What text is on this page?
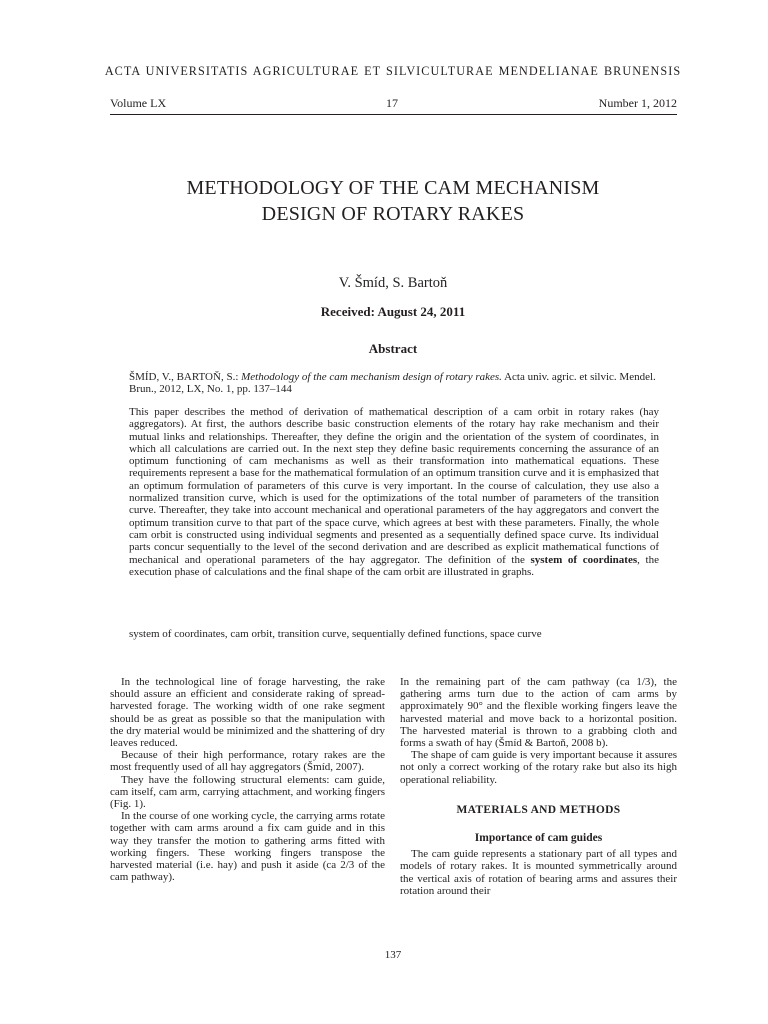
ACTA UNIVERSITATIS AGRICULTURAE ET SILVICULTURAE MENDELIANAE BRUNENSIS
Volume LX	17	Number 1, 2012
METHODOLOGY OF THE CAM MECHANISM
DESIGN OF ROTARY RAKES
V. Šmíd, S. Bartoň
Received: August 24, 2011
Abstract
ŠMÍD, V., BARTOŇ, S.: Methodology of the cam mechanism design of rotary rakes. Acta univ. agric. et silvic. Mendel. Brun., 2012, LX, No. 1, pp. 137–144
This paper describes the method of derivation of mathematical description of a cam orbit in rotary rakes (hay aggregators). At first, the authors describe basic construction elements of the rotary hay rake mechanism and their mutual links and relationships. Thereafter, they define the origin and the orientation of the system of coordinates, in which all calculations are carried out. In the next step they define basic requirements concerning the assurance of an optimum functioning of cam mechanisms as well as their transformation into mathematical equations. These requirements represent a base for the mathematical formulation of an optimum transition curve and it is emphasized that an optimum formulation of parameters of this curve is very important. In the course of calculation, they use also a normalized transition curve, which is used for the optimizations of the total number of parameters of the transition curve. Thereafter, they take into account mechanical and operational parameters of the hay aggregators and convert the optimum transition curve to that part of the space curve, which agrees at best with these parameters. Finally, the whole cam orbit is constructed using individual segments and presented as a sequentially defined space curve. Its individual parts concur sequentially to the level of the second derivation and are described as explicit mathematical functions of mechanical and operational parameters of the hay aggregator. The definition of the system of coordinates, the execution phase of calculations and the final shape of the cam orbit are illustrated in graphs.
system of coordinates, cam orbit, transition curve, sequentially defined functions, space curve

In the technological line of forage harvesting, the rake should assure an efficient and considerate raking of spread-harvested forage. The working width of one rake segment should be as great as possible so that the manipulation with the dry material would be minimized and the shattering of dry leaves reduced.

Because of their high performance, rotary rakes are the most frequently used of all hay aggregators (Šmíd, 2007).

They have the following structural elements: cam guide, cam itself, cam arm, carrying attachment, and working fingers (Fig. 1).

In the course of one working cycle, the carrying arms rotate together with cam arms around a fix cam guide and in this way they transfer the motion to gathering arms fitted with working fingers. These working fingers transpose the harvested material (i.e. hay) and push it aside (ca 2/3 of the cam pathway).

In the remaining part of the cam pathway (ca 1/3), the gathering arms turn due to the action of cam arms by approximately 90° and the flexible working fingers leave the harvested material and move back to a horizontal position. The harvested material is thrown to a grabbing cloth and forms a swath of hay (Šmíd & Bartoň, 2008 b).

The shape of cam guide is very important because it assures not only a correct working of the rotary rake but also its high operational reliability.

MATERIALS AND METHODS
Importance of cam guides

The cam guide represents a stationary part of all types and models of rotary rakes. It is mounted symmetrically around the vertical axis of rotation of bearing arms and assures their rotation around their

137
